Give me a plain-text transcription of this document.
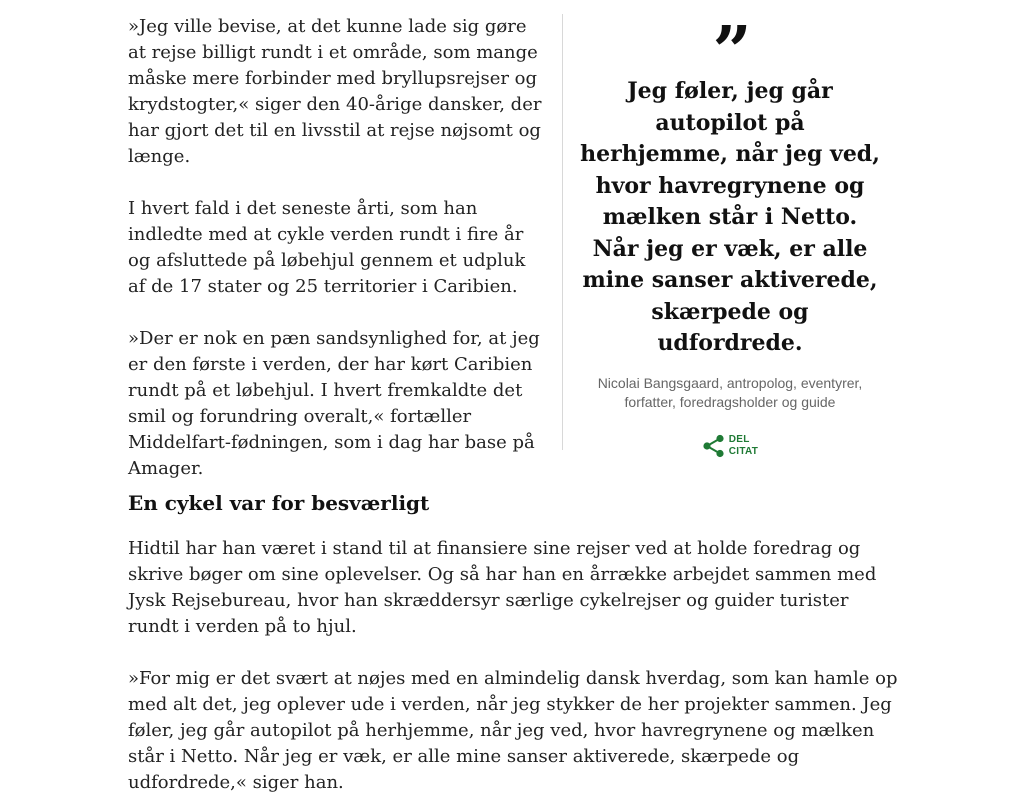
»Jeg ville bevise, at det kunne lade sig gøre at rejse billigt rundt i et område, som mange måske mere forbinder med bryllupsrejser og krydstogter,« siger den 40-årige dansker, der har gjort det til en livsstil at rejse nøjsomt og længe.

I hvert fald i det seneste årti, som han indledte med at cykle verden rundt i fire år og afsluttede på løbehjul gennem et udpluk af de 17 stater og 25 territorier i Caribien.

»Der er nok en pæn sandsynlighed for, at jeg er den første i verden, der har kørt Caribien rundt på et løbehjul. I hvert fremkaldte det smil og forundring overalt,« fortæller Middelfart-fødningen, som i dag har base på Amager.

”

Jeg føler, jeg går autopilot på herhjemme, når jeg ved, hvor havregrynene og mælken står i Netto. Når jeg er væk, er alle mine sanser aktiverede, skærpede og udfordrede.

Nicolai Bangsgaard, antropolog, eventyrer, forfatter, foredragsholder og guide

DEL
CITAT
En cykel var for besværligt

Hidtil har han været i stand til at finansiere sine rejser ved at holde foredrag og skrive bøger om sine oplevelser. Og så har han en årrække arbejdet sammen med Jysk Rejsebureau, hvor han skræddersyr særlige cykelrejser og guider turister rundt i verden på to hjul.

»For mig er det svært at nøjes med en almindelig dansk hverdag, som kan hamle op med alt det, jeg oplever ude i verden, når jeg stykker de her projekter sammen. Jeg føler, jeg går autopilot på herhjemme, når jeg ved, hvor havregrynene og mælken står i Netto. Når jeg er væk, er alle mine sanser aktiverede, skærpede og udfordrede,« siger han.
